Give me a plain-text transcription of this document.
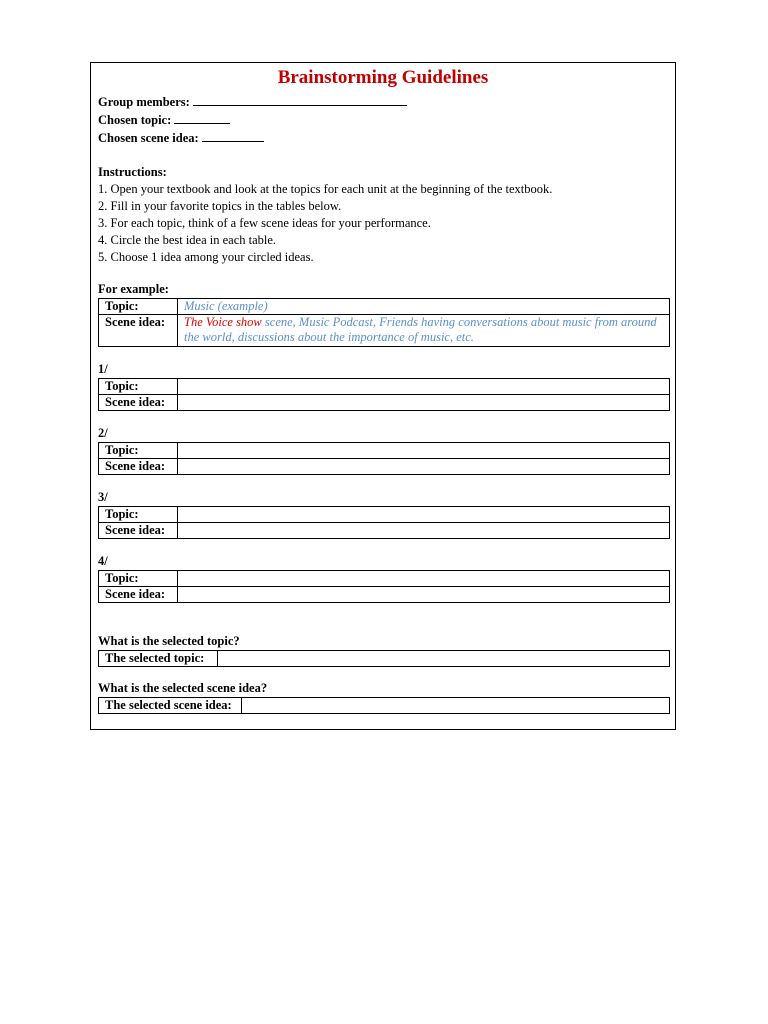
Brainstorming Guidelines
Group members:
Chosen topic:
Chosen scene idea:
Instructions:
1. Open your textbook and look at the topics for each unit at the beginning of the textbook.
2. Fill in your favorite topics in the tables below.
3. For each topic, think of a few scene ideas for your performance.
4. Circle the best idea in each table.
5. Choose 1 idea among your circled ideas.
For example:
Topic:	Music (example)
Scene idea:	The Voice show scene, Music Podcast, Friends having conversations about music from around the world, discussions about the importance of music, etc.
1/
Topic:	
Scene idea:	
2/
Topic:	
Scene idea:	
3/
Topic:	
Scene idea:	
4/
Topic:	
Scene idea:	
What is the selected topic?
The selected topic:	
What is the selected scene idea?
The selected scene idea:	
